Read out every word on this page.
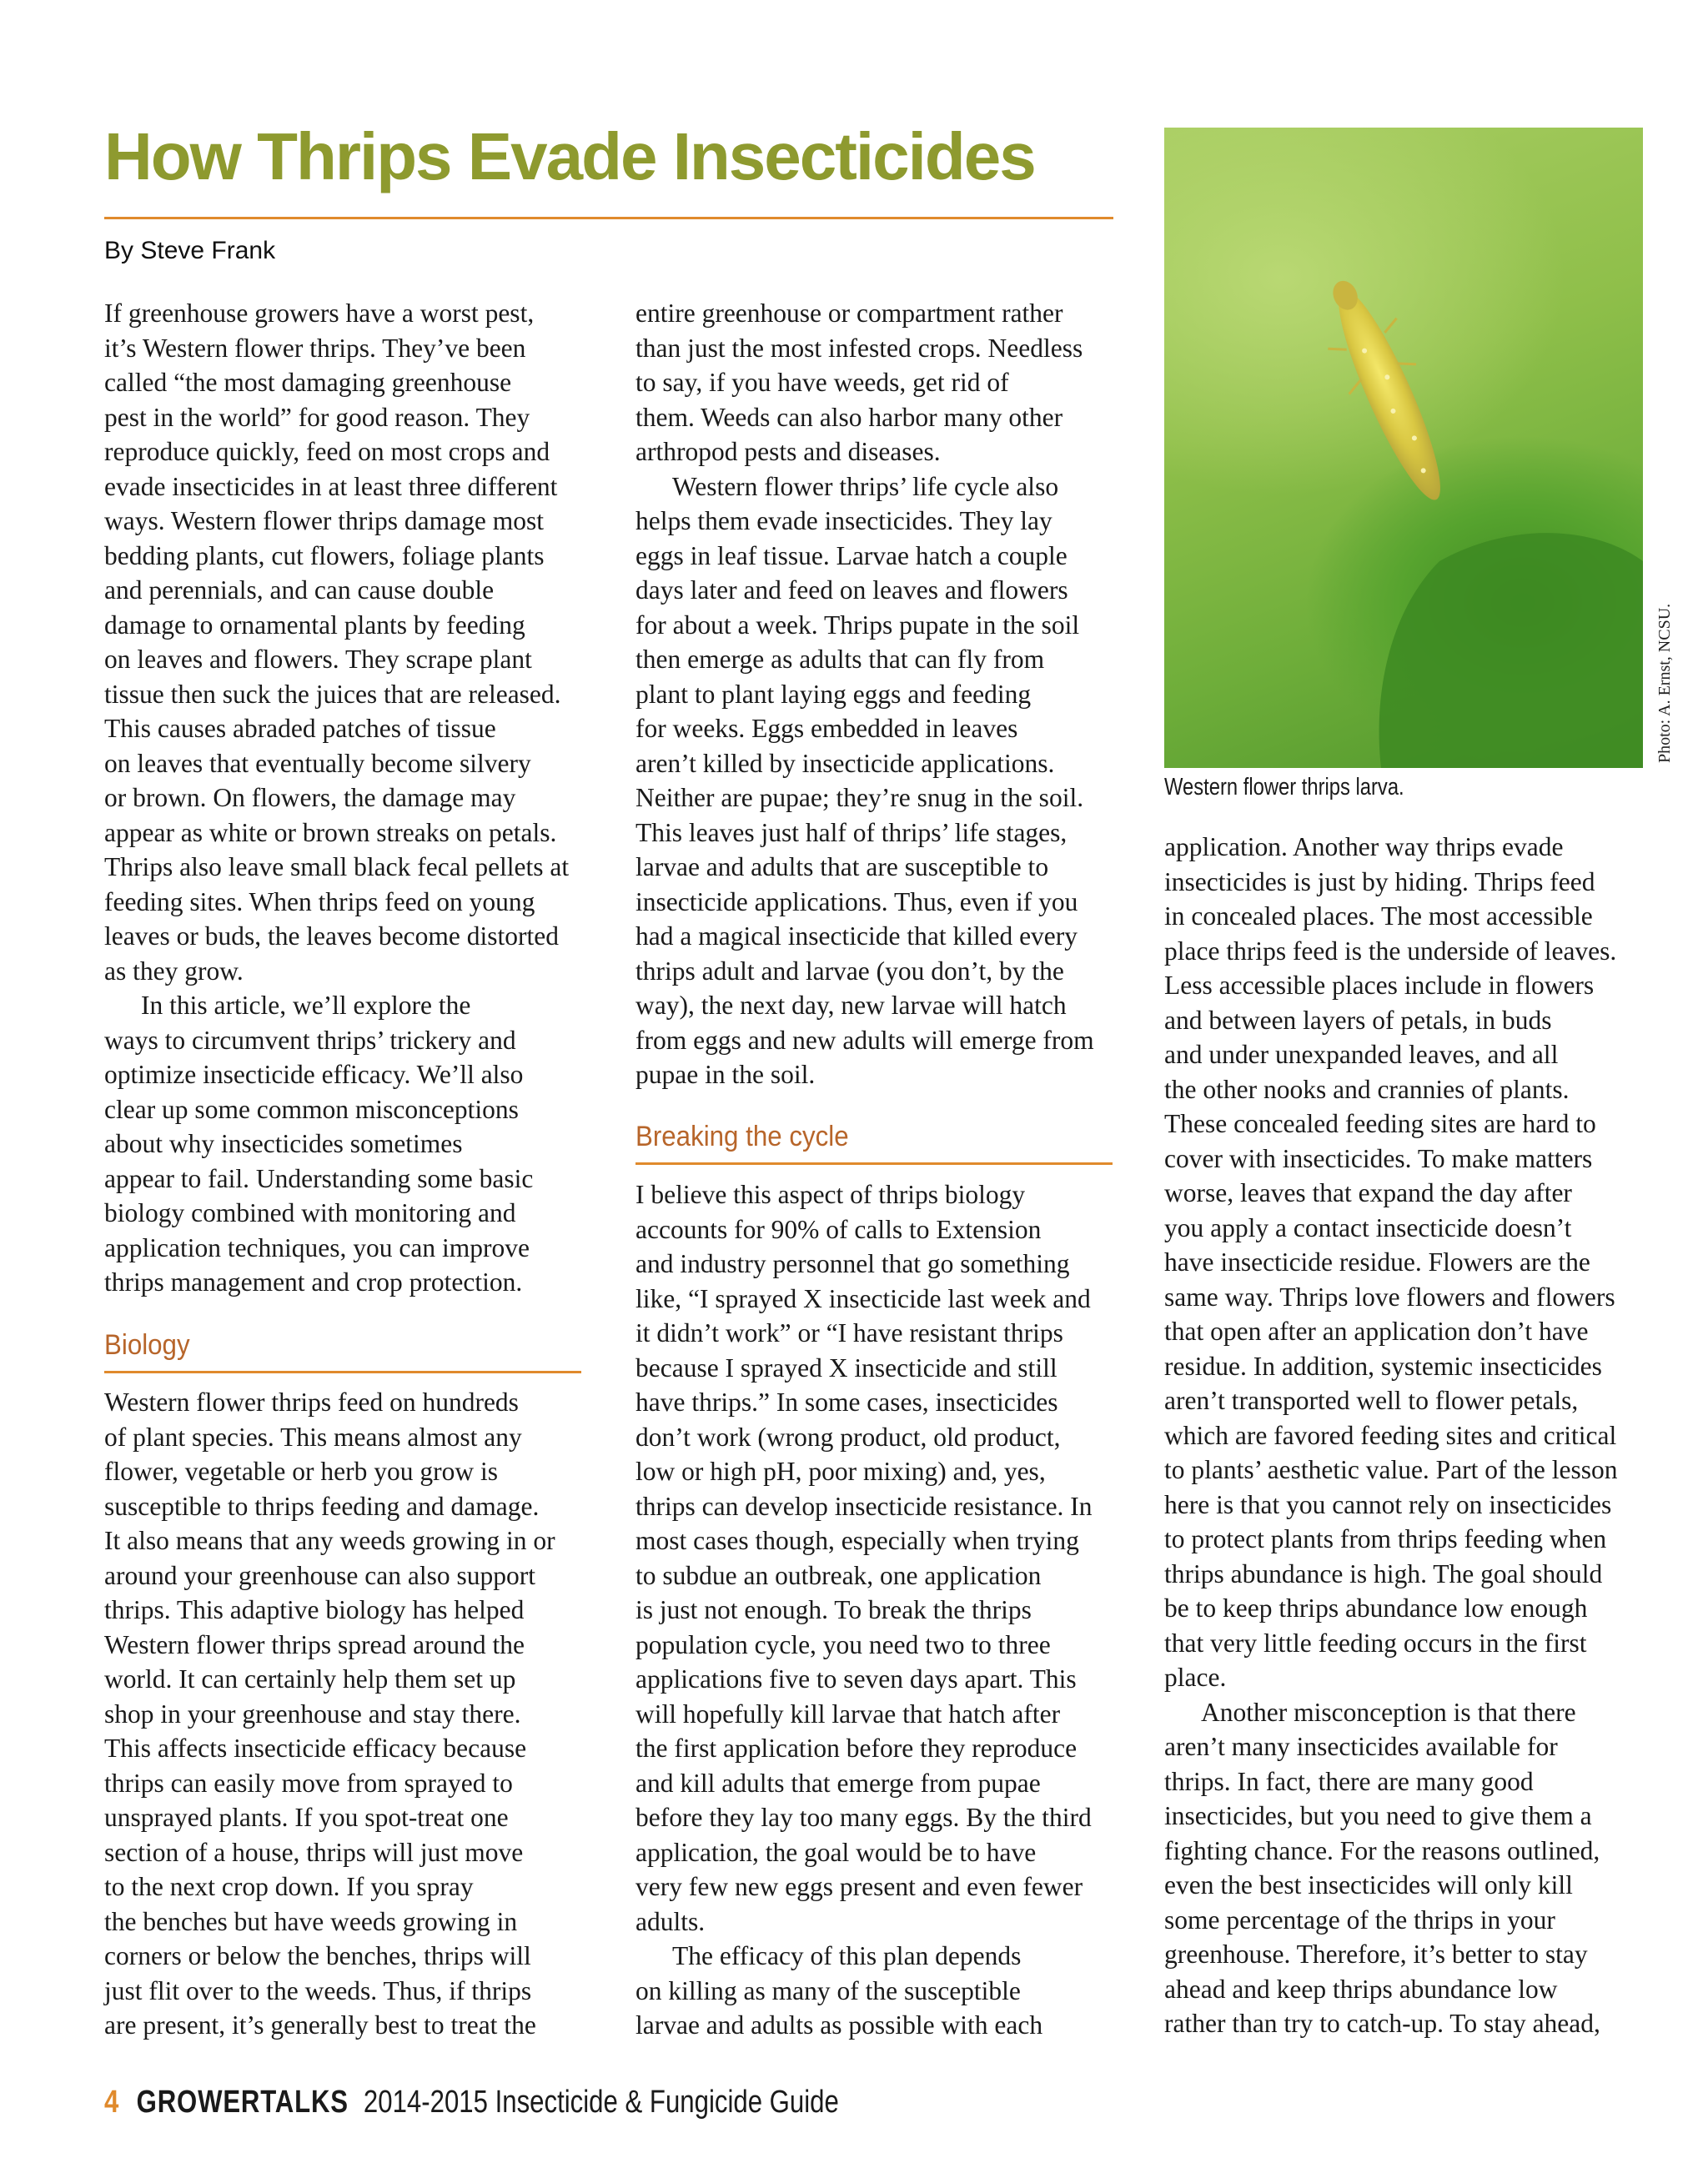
How Thrips Evade Insecticides
By Steve Frank

If greenhouse growers have a worst pest,
it’s Western flower thrips. They’ve been
called “the most damaging greenhouse
pest in the world” for good reason. They
reproduce quickly, feed on most crops and
evade insecticides in at least three different
ways. Western flower thrips damage most
bedding plants, cut flowers, foliage plants
and perennials, and can cause double
damage to ornamental plants by feeding
on leaves and flowers. They scrape plant
tissue then suck the juices that are released.
This causes abraded patches of tissue
on leaves that eventually become silvery
or brown. On flowers, the damage may
appear as white or brown streaks on petals.
Thrips also leave small black fecal pellets at
feeding sites. When thrips feed on young
leaves or buds, the leaves become distorted
as they grow.

In this article, we’ll explore the
ways to circumvent thrips’ trickery and
optimize insecticide efficacy. We’ll also
clear up some common misconceptions
about why insecticides sometimes
appear to fail. Understanding some basic
biology combined with monitoring and
application techniques, you can improve
thrips management and crop protection.

Biology

Western flower thrips feed on hundreds
of plant species. This means almost any
flower, vegetable or herb you grow is
susceptible to thrips feeding and damage.
It also means that any weeds growing in or
around your greenhouse can also support
thrips. This adaptive biology has helped
Western flower thrips spread around the
world. It can certainly help them set up
shop in your greenhouse and stay there.
This affects insecticide efficacy because
thrips can easily move from sprayed to
unsprayed plants. If you spot-treat one
section of a house, thrips will just move
to the next crop down. If you spray
the benches but have weeds growing in
corners or below the benches, thrips will
just flit over to the weeds. Thus, if thrips
are present, it’s generally best to treat the

entire greenhouse or compartment rather
than just the most infested crops. Needless
to say, if you have weeds, get rid of
them. Weeds can also harbor many other
arthropod pests and diseases.

Western flower thrips’ life cycle also
helps them evade insecticides. They lay
eggs in leaf tissue. Larvae hatch a couple
days later and feed on leaves and flowers
for about a week. Thrips pupate in the soil
then emerge as adults that can fly from
plant to plant laying eggs and feeding
for weeks. Eggs embedded in leaves
aren’t killed by insecticide applications.
Neither are pupae; they’re snug in the soil.
This leaves just half of thrips’ life stages,
larvae and adults that are susceptible to
insecticide applications. Thus, even if you
had a magical insecticide that killed every
thrips adult and larvae (you don’t, by the
way), the next day, new larvae will hatch
from eggs and new adults will emerge from
pupae in the soil.

Breaking the cycle

I believe this aspect of thrips biology
accounts for 90% of calls to Extension
and industry personnel that go something
like, “I sprayed X insecticide last week and
it didn’t work” or “I have resistant thrips
because I sprayed X insecticide and still
have thrips.” In some cases, insecticides
don’t work (wrong product, old product,
low or high pH, poor mixing) and, yes,
thrips can develop insecticide resistance. In
most cases though, especially when trying
to subdue an outbreak, one application
is just not enough. To break the thrips
population cycle, you need two to three
applications five to seven days apart. This
will hopefully kill larvae that hatch after
the first application before they reproduce
and kill adults that emerge from pupae
before they lay too many eggs. By the third
application, the goal would be to have
very few new eggs present and even fewer
adults.

The efficacy of this plan depends
on killing as many of the susceptible
larvae and adults as possible with each

Photo: A. Ernst, NCSU.
Western flower thrips larva.

application. Another way thrips evade
insecticides is just by hiding. Thrips feed
in concealed places. The most accessible
place thrips feed is the underside of leaves.
Less accessible places include in flowers
and between layers of petals, in buds
and under unexpanded leaves, and all
the other nooks and crannies of plants.
These concealed feeding sites are hard to
cover with insecticides. To make matters
worse, leaves that expand the day after
you apply a contact insecticide doesn’t
have insecticide residue. Flowers are the
same way. Thrips love flowers and flowers
that open after an application don’t have
residue. In addition, systemic insecticides
aren’t transported well to flower petals,
which are favored feeding sites and critical
to plants’ aesthetic value. Part of the lesson
here is that you cannot rely on insecticides
to protect plants from thrips feeding when
thrips abundance is high. The goal should
be to keep thrips abundance low enough
that very little feeding occurs in the first
place.

Another misconception is that there
aren’t many insecticides available for
thrips. In fact, there are many good
insecticides, but you need to give them a
fighting chance. For the reasons outlined,
even the best insecticides will only kill
some percentage of the thrips in your
greenhouse. Therefore, it’s better to stay
ahead and keep thrips abundance low
rather than try to catch-up. To stay ahead,

4 GROWERTALKS 2014-2015 Insecticide & Fungicide Guide
